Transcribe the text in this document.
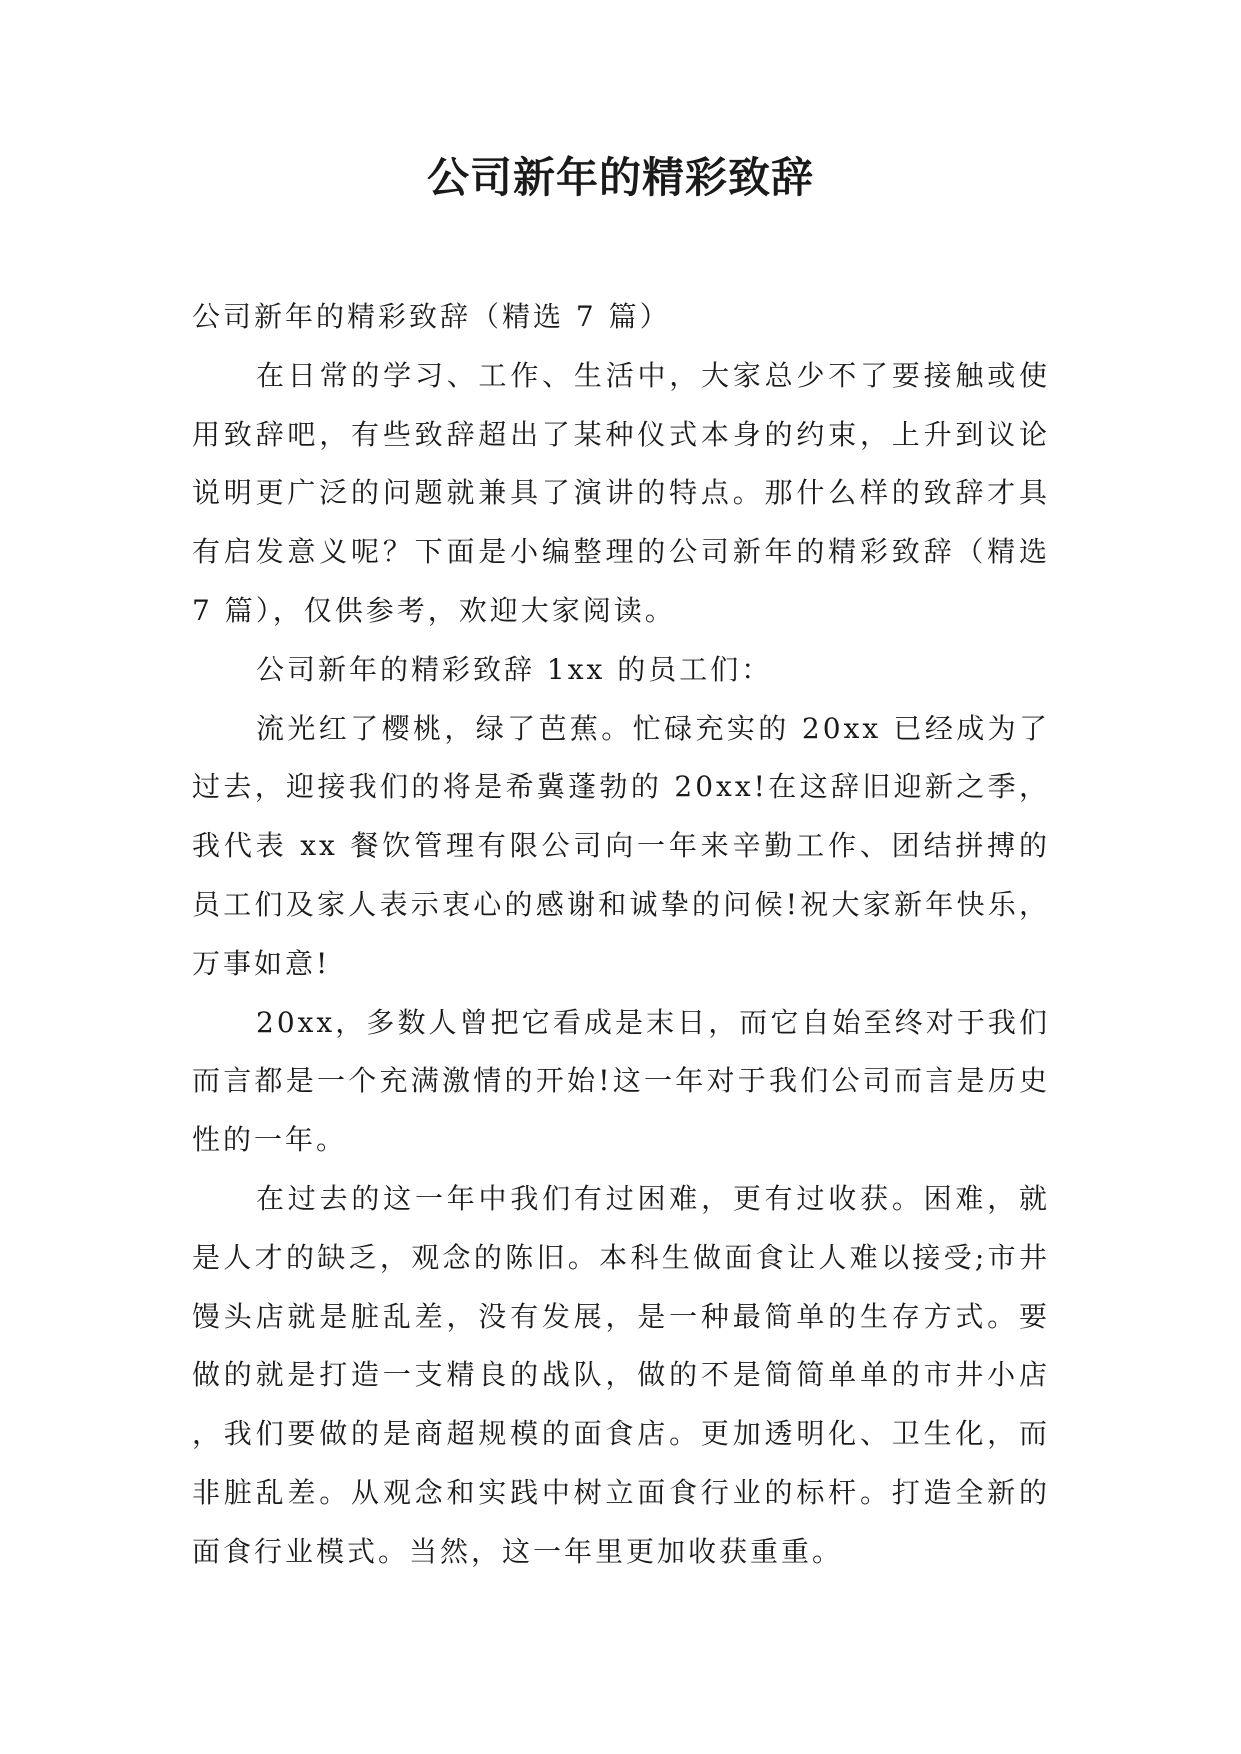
公司新年的精彩致辞

公司新年的精彩致辞（精选 7 篇）

在日常的学习、工作、生活中，大家总少不了要接触或使用致辞吧，有些致辞超出了某种仪式本身的约束，上升到议论说明更广泛的问题就兼具了演讲的特点。那什么样的致辞才具有启发意义呢？下面是小编整理的公司新年的精彩致辞（精选 7 篇），仅供参考，欢迎大家阅读。

公司新年的精彩致辞 1xx 的员工们：

流光红了樱桃，绿了芭蕉。忙碌充实的 20xx 已经成为了过去，迎接我们的将是希冀蓬勃的 20xx!在这辞旧迎新之季，我代表 xx 餐饮管理有限公司向一年来辛勤工作、团结拼搏的员工们及家人表示衷心的感谢和诚挚的问候!祝大家新年快乐，万事如意!

20xx，多数人曾把它看成是末日，而它自始至终对于我们而言都是一个充满激情的开始!这一年对于我们公司而言是历史性的一年。

在过去的这一年中我们有过困难，更有过收获。困难，就是人才的缺乏，观念的陈旧。本科生做面食让人难以接受;市井馒头店就是脏乱差，没有发展，是一种最简单的生存方式。要做的就是打造一支精良的战队，做的不是简简单单的市井小店，我们要做的是商超规模的面食店。更加透明化、卫生化，而非脏乱差。从观念和实践中树立面食行业的标杆。打造全新的面食行业模式。当然，这一年里更加收获重重。
